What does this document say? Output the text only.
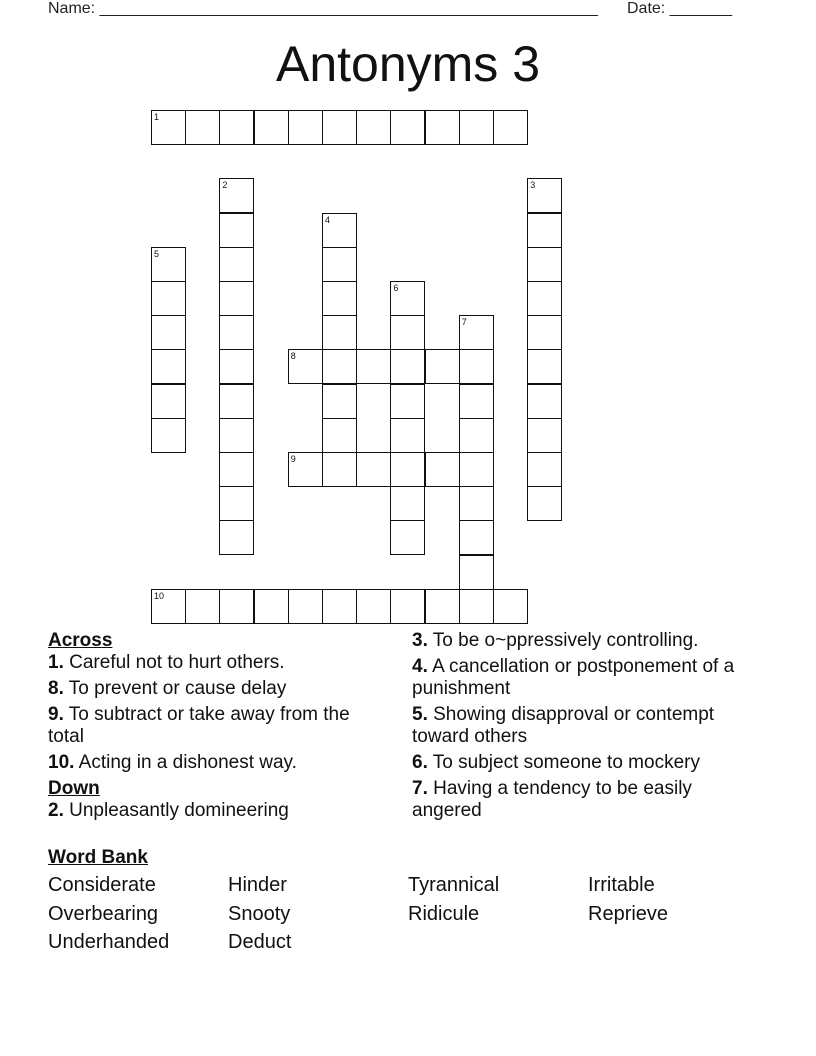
Name: ________________________________________________________ Date: _______
Antonyms 3
1
8
9
10
2	3
4
5
6
7
Across
1. Careful not to hurt others.
8. To prevent or cause delay
9. To subtract or take away from the total
10. Acting in a dishonest way.
Down
2. Unpleasantly domineering
3. To be o~ppressively controlling.
4. A cancellation or postponement of a punishment
5. Showing disapproval or contempt toward others
6. To subject someone to mockery
7. Having a tendency to be easily angered
Word Bank
Considerate	Hinder	Tyrannical	Irritable
Overbearing	Snooty	Ridicule	Reprieve
Underhanded	Deduct
